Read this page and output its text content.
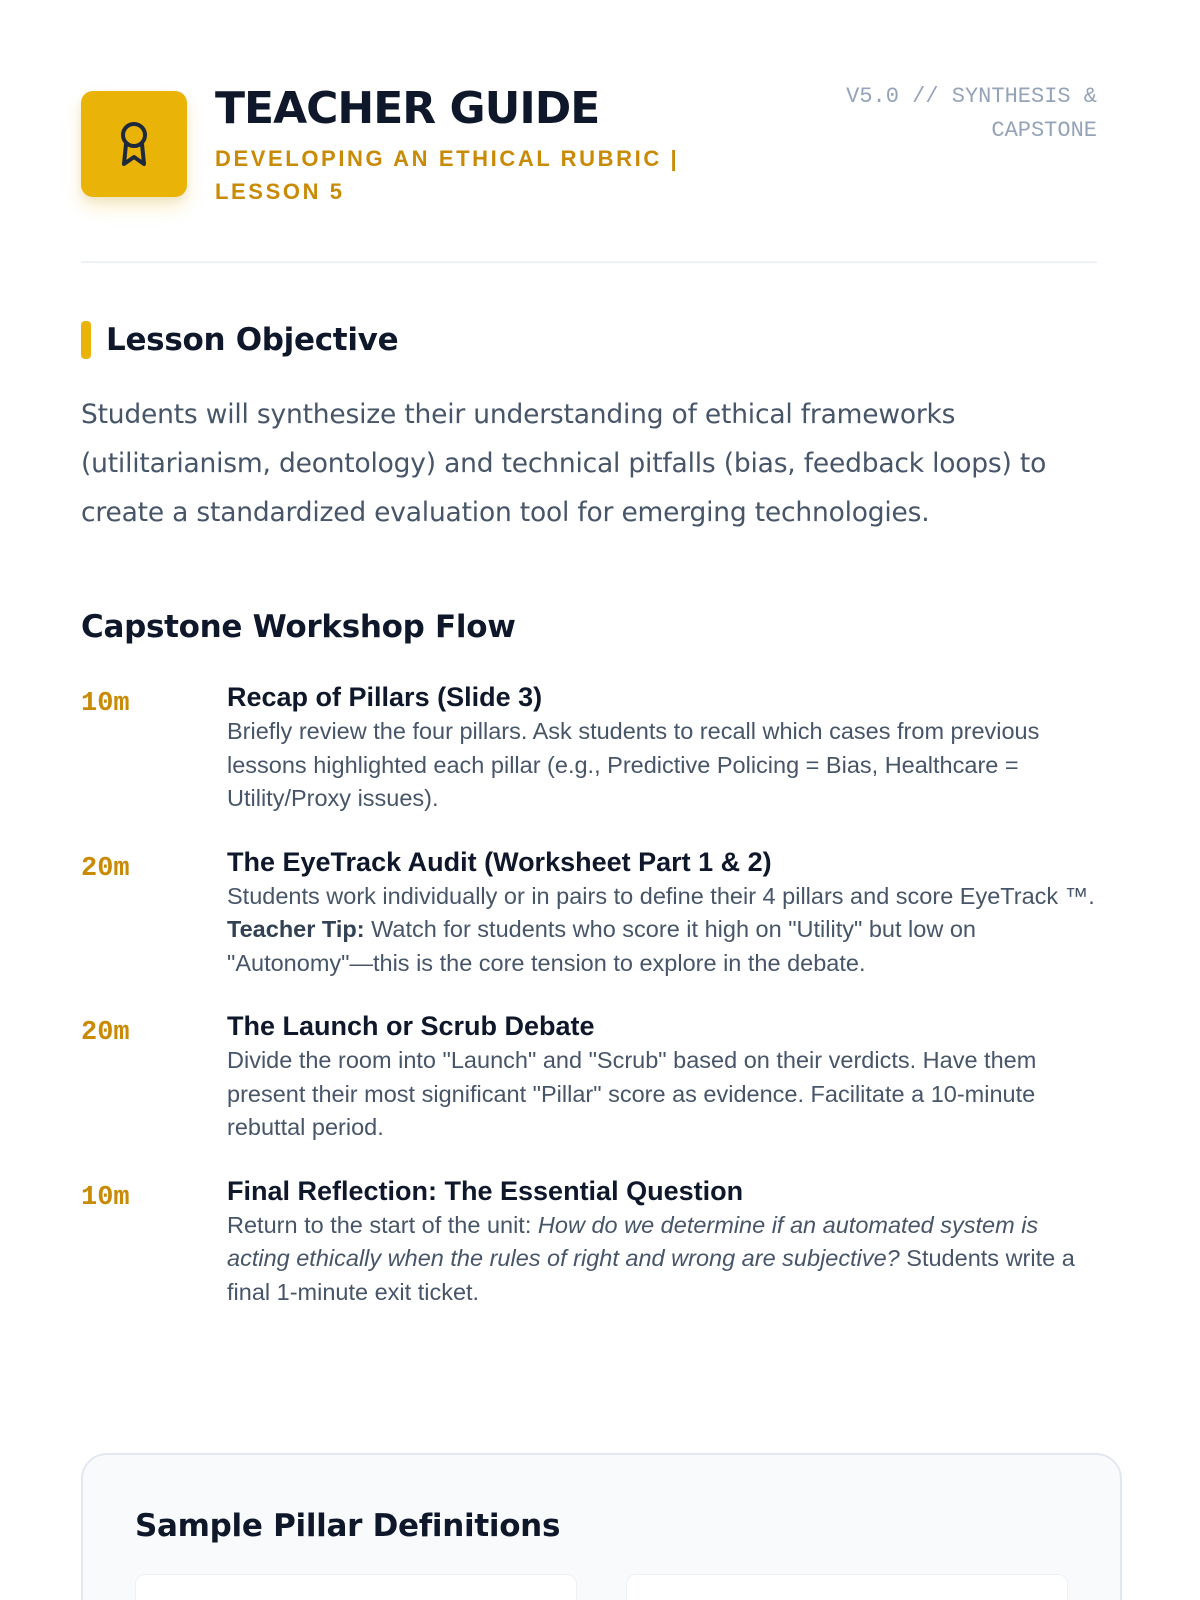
TEACHER GUIDE
DEVELOPING AN ETHICAL RUBRIC | LESSON 5
V5.0 // SYNTHESIS & CAPSTONE
Lesson Objective

Students will synthesize their understanding of ethical frameworks (utilitarianism, deontology) and technical pitfalls (bias, feedback loops) to create a standardized evaluation tool for emerging technologies.

Capstone Workshop Flow
10m	Recap of Pillars (Slide 3)
Briefly review the four pillars. Ask students to recall which cases from previous lessons highlighted each pillar (e.g., Predictive Policing = Bias, Healthcare = Utility/Proxy issues).
20m	The EyeTrack Audit (Worksheet Part 1 & 2)
Students work individually or in pairs to define their 4 pillars and score EyeTrack ™. Teacher Tip: Watch for students who score it high on "Utility" but low on "Autonomy"—this is the core tension to explore in the debate.
20m	The Launch or Scrub Debate
Divide the room into "Launch" and "Scrub" based on their verdicts. Have them present their most significant "Pillar" score as evidence. Facilitate a 10-minute rebuttal period.
10m	Final Reflection: The Essential Question
Return to the start of the unit: How do we determine if an automated system is acting ethically when the rules of right and wrong are subjective? Students write a final 1-minute exit ticket.
Sample Pillar Definitions
